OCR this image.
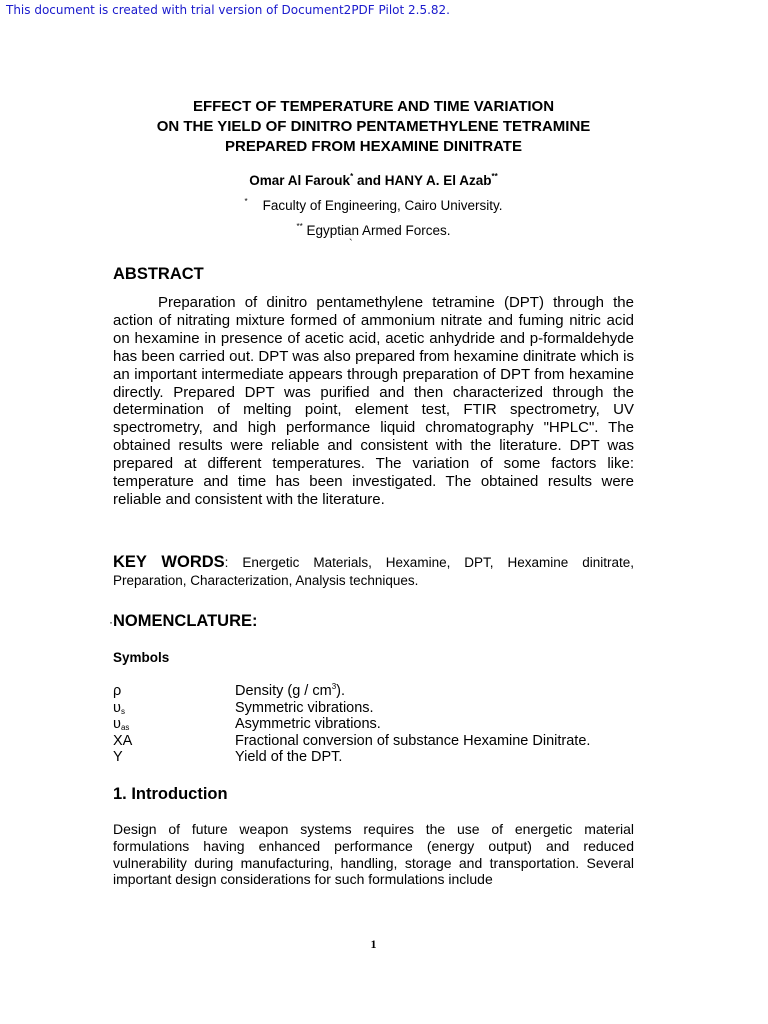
This document is created with trial version of Document2PDF Pilot 2.5.82.

EFFECT OF TEMPERATURE AND TIME VARIATION
ON THE YIELD OF DINITRO PENTAMETHYLENE TETRAMINE
PREPARED FROM HEXAMINE DINITRATE
Omar Al Farouk* and HANY A. El Azab**
* Faculty of Engineering, Cairo University.
** Egyptian Armed Forces.
`
ABSTRACT

Preparation of dinitro pentamethylene tetramine (DPT) through the action of nitrating mixture formed of ammonium nitrate and fuming nitric acid on hexamine in presence of acetic acid, acetic anhydride and p-formaldehyde has been carried out. DPT was also prepared from hexamine dinitrate which is an important intermediate appears through preparation of DPT from hexamine directly. Prepared DPT was purified and then characterized through the determination of melting point, element test, FTIR spectrometry, UV spectrometry, and high performance liquid chromatography "HPLC". The obtained results were reliable and consistent with the literature. DPT was prepared at different temperatures. The variation of some factors like: temperature and time has been investigated. The obtained results were reliable and consistent with the literature.

KEY WORDS: Energetic Materials, Hexamine, DPT, Hexamine dinitrate, Preparation, Characterization, Analysis techniques.

·NOMENCLATURE:
Symbols
ρ	Density $(g / cm^3)$.
$\upsilon_s$	Symmetric vibrations.
$\upsilon_{as}$	Asymmetric vibrations.
XA	Fractional conversion of substance Hexamine Dinitrate.
Y	Yield of the DPT.
1. Introduction

Design of future weapon systems requires the use of energetic material formulations having enhanced performance (energy output) and reduced vulnerability during manufacturing, handling, storage and transportation. Several important design considerations for such formulations include

1
